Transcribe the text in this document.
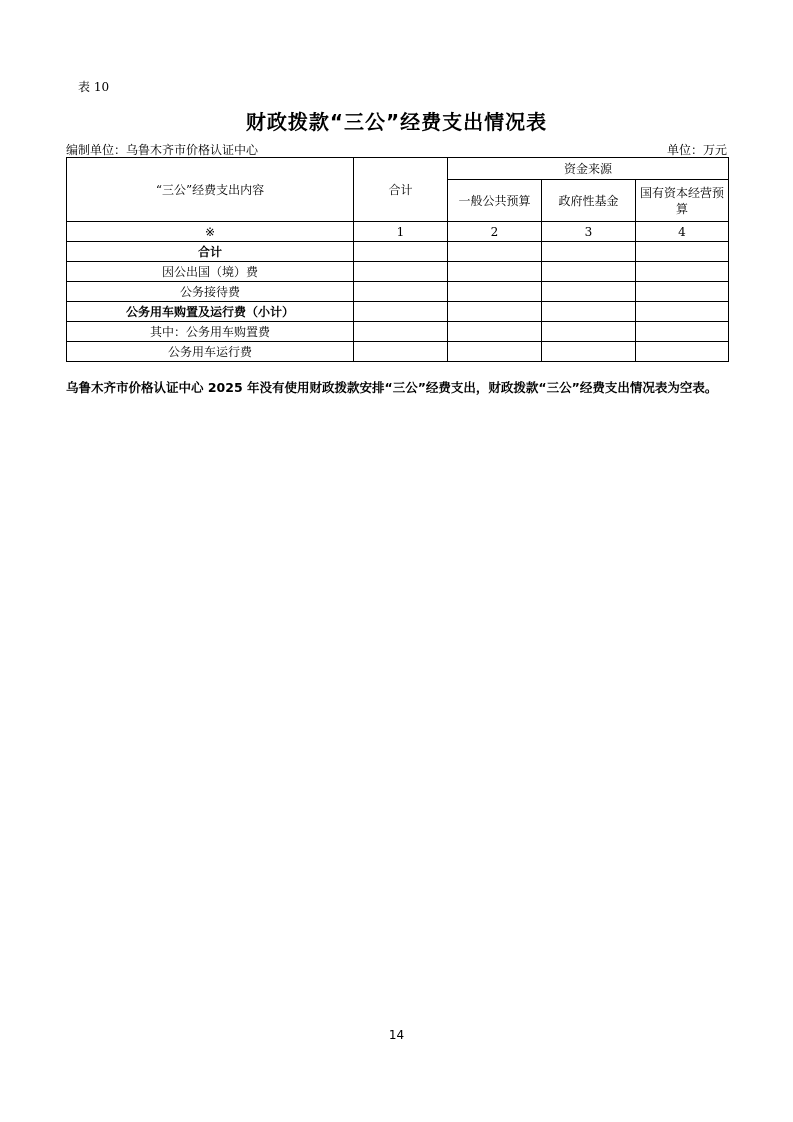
表 10
财政拨款“三公”经费支出情况表
编制单位：乌鲁木齐市价格认证中心	单位：万元
“三公”经费支出内容	合计	资金来源		
		一般公共预算	政府性基金	国有资本经营预算
※	1	2	3	4
合计				
因公出国（境）费				
公务接待费				
公务用车购置及运行费（小计）				
其中：公务用车购置费				
公务用车运行费				
乌鲁木齐市价格认证中心 2025 年没有使用财政拨款安排“三公”经费支出，财政拨款“三公”经费支出情况表为空表。
14
